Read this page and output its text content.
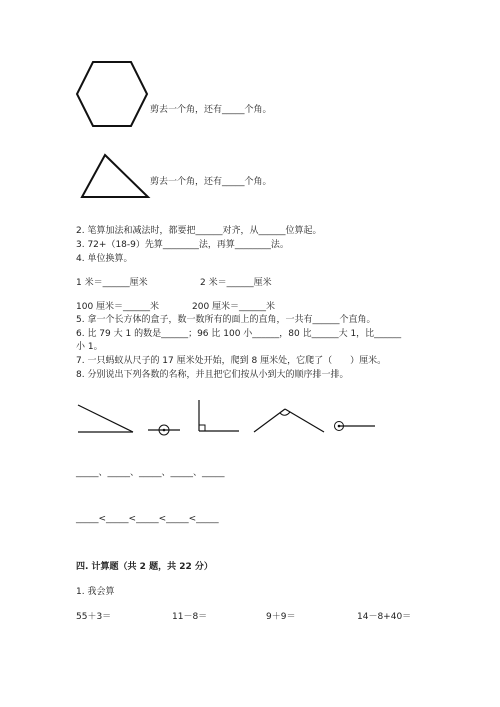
剪去一个角，还有_____个角。
剪去一个角，还有_____个角。
2. 笔算加法和减法时，都要把______对齐，从______位算起。
3. 72+（18-9）先算________法，再算________法。
4. 单位换算。
1 米＝______厘米	2 米＝______厘米
100 厘米＝______米	200 厘米＝______米
5. 拿一个长方体的盒子，数一数所有的面上的直角，一共有______个直角。
6. 比 79 大 1 的数是______；96 比 100 小______，80 比______大 1，比______
小 1。
7. 一只蚂蚁从尺子的 17 厘米处开始，爬到 8 厘米处，它爬了（　　）厘米。
8. 分别说出下列各数的名称，并且把它们按从小到大的顺序排一排。
_____、_____、_____、_____、_____
_____<_____<_____<_____<_____
四. 计算题（共 2 题，共 22 分）
1. 我会算
55＋3＝	11－8＝	9＋9＝	14－8+40＝
